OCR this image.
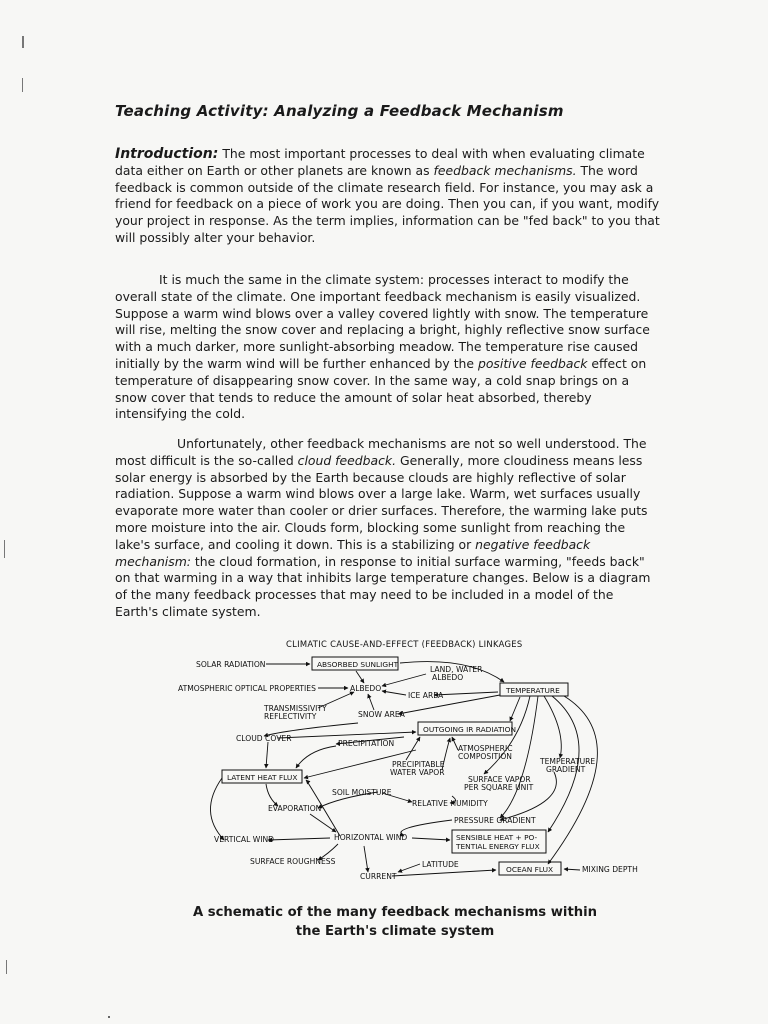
Teaching Activity: Analyzing a Feedback Mechanism

Introduction: The most important processes to deal with when evaluating climate data either on Earth or other planets are known as feedback mechanisms. The word feedback is common outside of the climate research field. For instance, you may ask a friend for feedback on a piece of work you are doing. Then you can, if you want, modify your project in response. As the term implies, information can be "fed back" to you that will possibly alter your behavior.

It is much the same in the climate system: processes interact to modify the overall state of the climate. One important feedback mechanism is easily visualized. Suppose a warm wind blows over a valley covered lightly with snow. The temperature will rise, melting the snow cover and replacing a bright, highly reflective snow surface with a much darker, more sunlight-absorbing meadow. The temperature rise caused initially by the warm wind will be further enhanced by the positive feedback effect on temperature of disappearing snow cover. In the same way, a cold snap brings on a snow cover that tends to reduce the amount of solar heat absorbed, thereby intensifying the cold.

Unfortunately, other feedback mechanisms are not so well understood. The most difficult is the so-called cloud feedback. Generally, more cloudiness means less solar energy is absorbed by the Earth because clouds are highly reflective of solar radiation. Suppose a warm wind blows over a large lake. Warm, wet surfaces usually evaporate more water than cooler or drier surfaces. Therefore, the warming lake puts more moisture into the air. Clouds form, blocking some sunlight from reaching the lake's surface, and cooling it down. This is a stabilizing or negative feedback mechanism: the cloud formation, in response to initial surface warming, "feeds back" on that warming in a way that inhibits large temperature changes. Below is a diagram of the many feedback processes that may need to be included in a model of the Earth's climate system.

CLIMATIC CAUSE-AND-EFFECT (FEEDBACK) LINKAGES
SOLAR RADIATION	ABSORBED SUNLIGHT
LAND, WATER
ALBEDO
ATMOSPHERIC OPTICAL PROPERTIES	ALBEDO
ICE AREA
TEMPERATURE
TRANSMISSIVITY
REFLECTIVITY	SNOW AREA
OUTGOING IR RADIATION
CLOUD COVER
PRECIPITATION
ATMOSPHERIC
COMPOSITION
TEMPERATURE
GRADIENT
LATENT HEAT FLUX
PRECIPITABLE
WATER VAPOR
SURFACE VAPOR
PER SQUARE UNIT
SOIL MOISTURE
RELATIVE HUMIDITY
EVAPORATION
PRESSURE GRADIENT
VERTICAL WIND	HORIZONTAL WIND	SENSIBLE HEAT + PO-
TENTIAL ENERGY FLUX
SURFACE ROUGHNESS	LATITUDE
CURRENT
OCEAN FLUX	MIXING DEPTH

A schematic of the many feedback mechanisms within
the Earth's climate system
